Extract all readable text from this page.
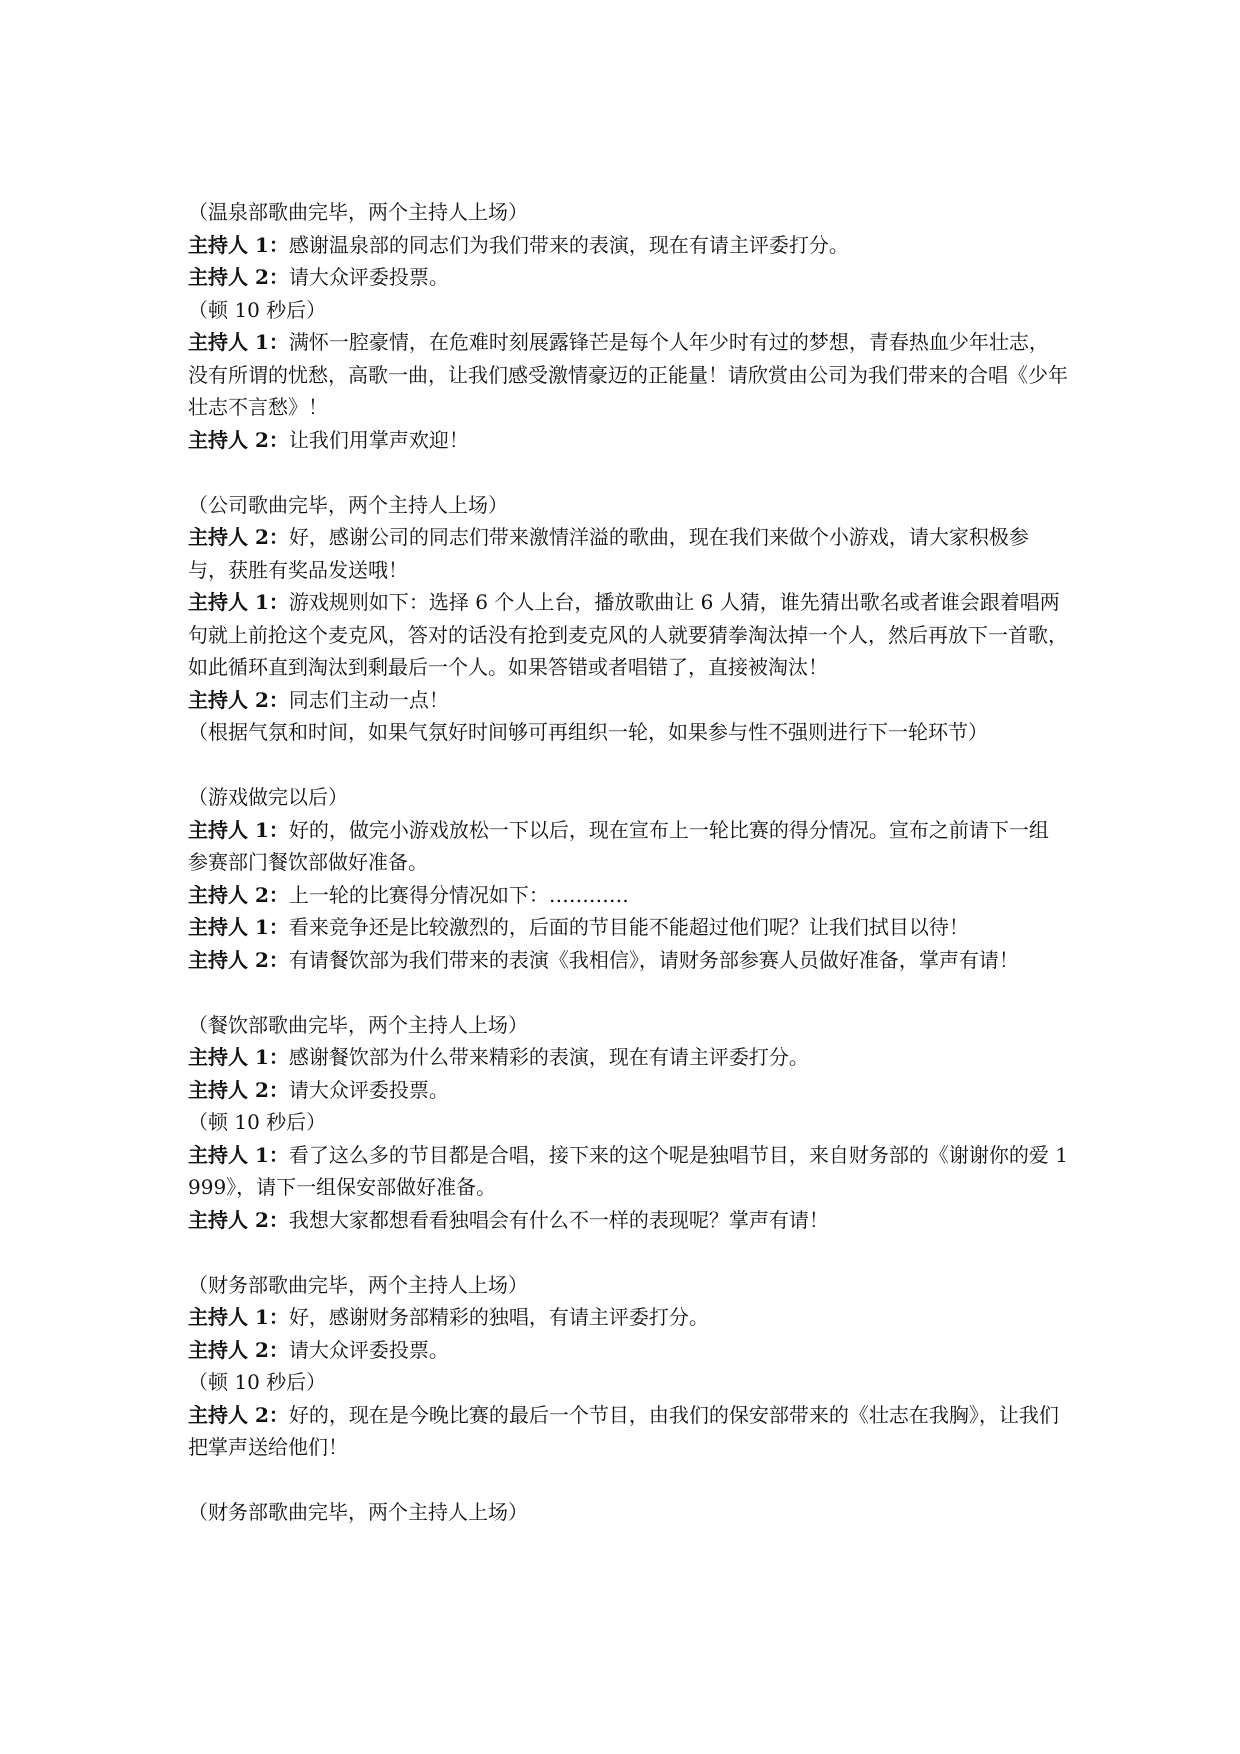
（温泉部歌曲完毕，两个主持人上场）

主持人 1：感谢温泉部的同志们为我们带来的表演，现在有请主评委打分。

主持人 2：请大众评委投票。

（顿 10 秒后）

主持人 1：满怀一腔豪情，在危难时刻展露锋芒是每个人年少时有过的梦想，青春热血少年壮志，没有所谓的忧愁，高歌一曲，让我们感受激情豪迈的正能量！请欣赏由公司为我们带来的合唱《少年壮志不言愁》！

主持人 2：让我们用掌声欢迎！

（公司歌曲完毕，两个主持人上场）

主持人 2：好，感谢公司的同志们带来激情洋溢的歌曲，现在我们来做个小游戏，请大家积极参与，获胜有奖品发送哦！

主持人 1：游戏规则如下：选择 6 个人上台，播放歌曲让 6 人猜，谁先猜出歌名或者谁会跟着唱两句就上前抢这个麦克风，答对的话没有抢到麦克风的人就要猜拳淘汰掉一个人，然后再放下一首歌，如此循环直到淘汰到剩最后一个人。如果答错或者唱错了，直接被淘汰！

主持人 2：同志们主动一点！

（根据气氛和时间，如果气氛好时间够可再组织一轮，如果参与性不强则进行下一轮环节）

（游戏做完以后）

主持人 1：好的，做完小游戏放松一下以后，现在宣布上一轮比赛的得分情况。宣布之前请下一组参赛部门餐饮部做好准备。

主持人 2：上一轮的比赛得分情况如下：…………

主持人 1：看来竞争还是比较激烈的，后面的节目能不能超过他们呢？让我们拭目以待！

主持人 2：有请餐饮部为我们带来的表演《我相信》，请财务部参赛人员做好准备，掌声有请！

（餐饮部歌曲完毕，两个主持人上场）

主持人 1：感谢餐饮部为什么带来精彩的表演，现在有请主评委打分。

主持人 2：请大众评委投票。

（顿 10 秒后）

主持人 1：看了这么多的节目都是合唱，接下来的这个呢是独唱节目，来自财务部的《谢谢你的爱 1999》，请下一组保安部做好准备。

主持人 2：我想大家都想看看独唱会有什么不一样的表现呢？掌声有请！

（财务部歌曲完毕，两个主持人上场）

主持人 1：好，感谢财务部精彩的独唱，有请主评委打分。

主持人 2：请大众评委投票。

（顿 10 秒后）

主持人 2：好的，现在是今晚比赛的最后一个节目，由我们的保安部带来的《壮志在我胸》，让我们把掌声送给他们！

（财务部歌曲完毕，两个主持人上场）
